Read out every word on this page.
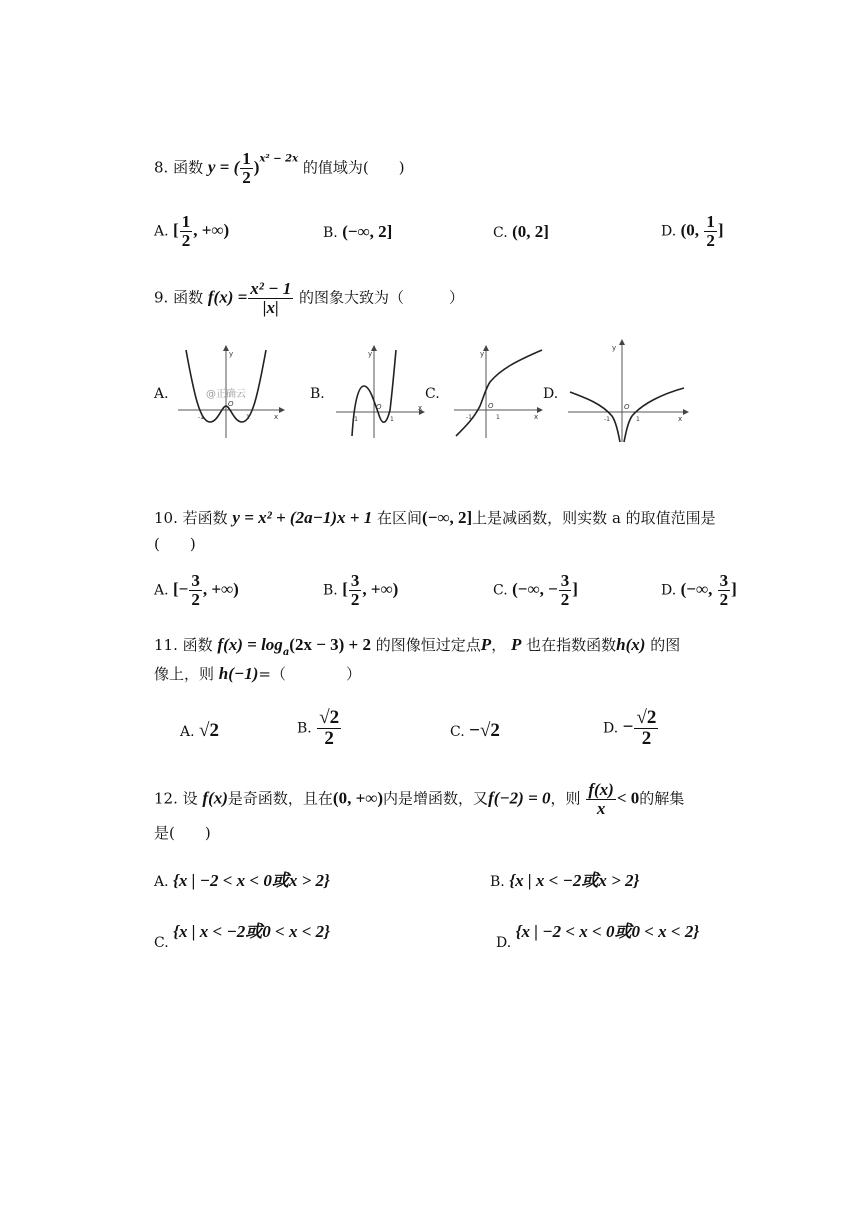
8. 函数 y = ( $\frac{1}{2} )^{x^2 - 2x}$ 的值域为(  )
A. [ $\frac{1}{2}$ , +∞)	B. (−∞, 2]	C. (0, 2]	D. (0, $\frac{1}{2}$ ]
9. 函数 $f(x) = \frac{\text{x² − 1}}{|x|}$ 的图象大致为（   ）
A.	B.	C.	D.
y
x
O
-1	1
@正确云
y
x
O
-1	1
y
x
O
-1	1
y
x
O
-1	1
10. 若函数 y = x² + (2a−1)x + 1 在区间(−∞, 2]上是减函数，则实数 a 的取值范围是
(  )
A. [− $\frac{3}{2}$ , +∞)	B. [ $\frac{3}{2}$ , +∞)	C. (−∞, − $\frac{3}{2}$ ]	D. (−∞, $\frac{3}{2}$ ]
11. 函数 $f(x) = \log_a(2x - 3) + 2$ 的图像恒过定点P， P 也在指数函数h(x) 的图
像上，则 h(−1)=（    ）
A. √2	B. $\frac{√2}{2}$	C. −√2	D. − $\frac{√2}{2}$
12. 设 f(x)是奇函数，且在(0, +∞)内是增函数，又f(−2) = 0，则 $\frac{f(x)}{x} < 0$的解集
是(  )
A. {x | −2 < x < 0或x > 2}	B. {x | x < −2或x > 2}
C. {x | x < −2或0 < x < 2}
D. {x | −2 < x < 0或0 < x < 2}
